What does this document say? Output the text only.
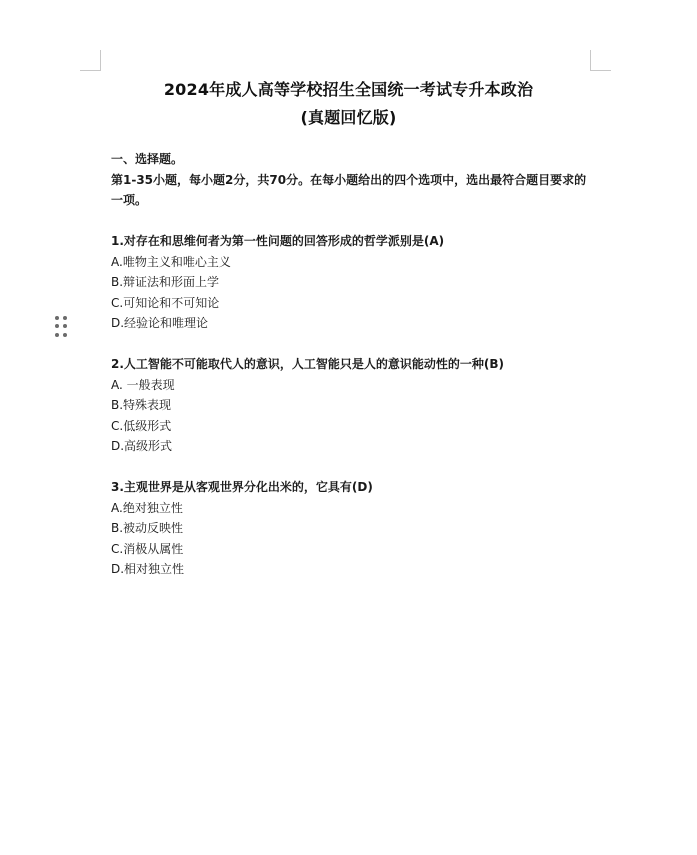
2024年成人高等学校招生全国统一考试专升本政治
(真题回忆版)
一、选择题。
第1-35小题，每小题2分，共70分。在每小题给出的四个选项中，选出最符合题目要求的一项。
1.对存在和思维何者为第一性问题的回答形成的哲学派别是(A)
A.唯物主义和唯心主义
B.辩证法和形面上学
C.可知论和不可知论
D.经验论和唯理论
2.人工智能不可能取代人的意识，人工智能只是人的意识能动性的一种(B)
A. 一般表现
B.特殊表现
C.低级形式
D.高级形式
3.主观世界是从客观世界分化出米的，它具有(D)
A.绝对独立性
B.被动反映性
C.消极从属性
D.相对独立性
